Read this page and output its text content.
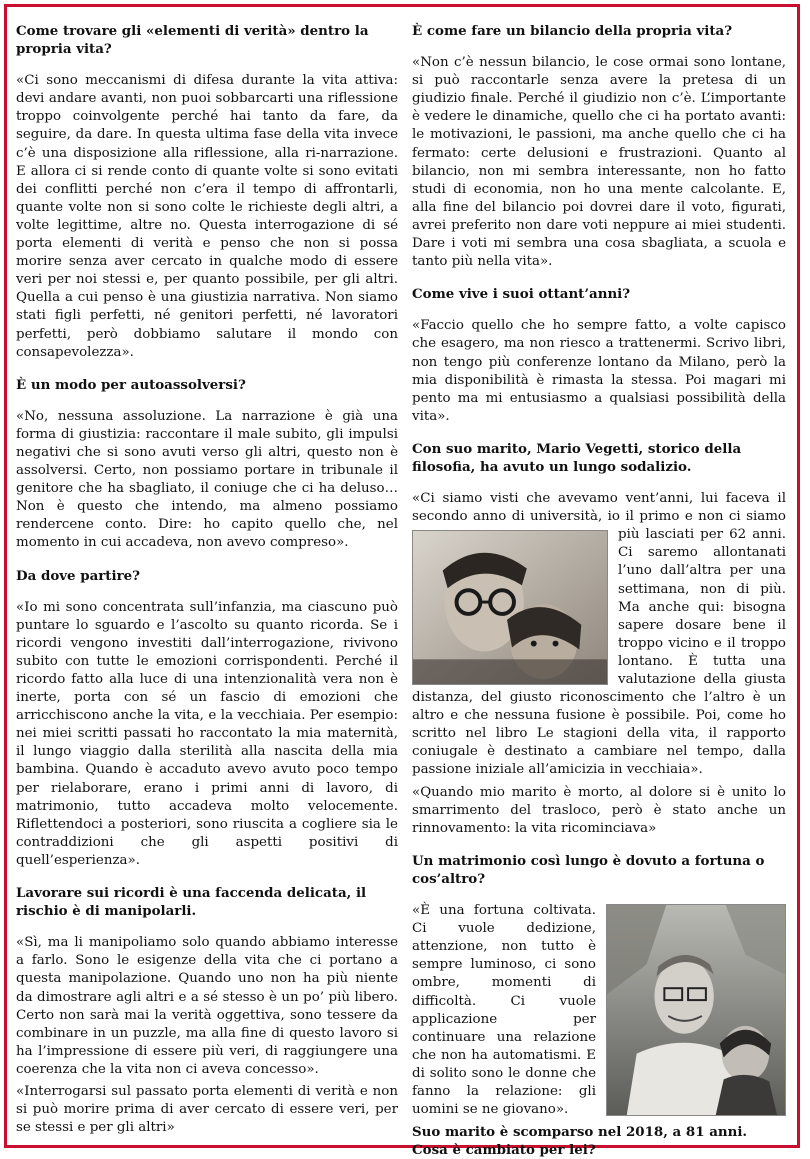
Come trovare gli «elementi di verità» dentro la propria vita?

«Ci sono meccanismi di difesa durante la vita attiva: devi andare avanti, non puoi sobbarcarti una riflessione troppo coinvolgente perché hai tanto da fare, da seguire, da dare. In questa ultima fase della vita invece c’è una disposizione alla riflessione, alla ri-narrazione. E allora ci si rende conto di quante volte si sono evitati dei conflitti perché non c’era il tempo di affrontarli, quante volte non si sono colte le richieste degli altri, a volte legittime, altre no. Questa interrogazione di sé porta elementi di verità e penso che non si possa morire senza aver cercato in qualche modo di essere veri per noi stessi e, per quanto possibile, per gli altri. Quella a cui penso è una giustizia narrativa. Non siamo stati figli perfetti, né genitori perfetti, né lavoratori perfetti, però dobbiamo salutare il mondo con consapevolezza».

È un modo per autoassolversi?

«No, nessuna assoluzione. La narrazione è già una forma di giustizia: raccontare il male subito, gli impulsi negativi che si sono avuti verso gli altri, questo non è assolversi. Certo, non possiamo portare in tribunale il genitore che ha sbagliato, il coniuge che ci ha deluso… Non è questo che intendo, ma almeno possiamo rendercene conto. Dire: ho capito quello che, nel momento in cui accadeva, non avevo compreso».

Da dove partire?

«Io mi sono concentrata sull’infanzia, ma ciascuno può puntare lo sguardo e l’ascolto su quanto ricorda. Se i ricordi vengono investiti dall’interrogazione, rivivono subito con tutte le emozioni corrispondenti. Perché il ricordo fatto alla luce di una intenzionalità vera non è inerte, porta con sé un fascio di emozioni che arricchiscono anche la vita, e la vecchiaia. Per esempio: nei miei scritti passati ho raccontato la mia maternità, il lungo viaggio dalla sterilità alla nascita della mia bambina. Quando è accaduto avevo avuto poco tempo per rielaborare, erano i primi anni di lavoro, di matrimonio, tutto accadeva molto velocemente. Riflettendoci a posteriori, sono riuscita a cogliere sia le contraddizioni che gli aspetti positivi di quell’esperienza».

Lavorare sui ricordi è una faccenda delicata, il rischio è di manipolarli.

«Sì, ma li manipoliamo solo quando abbiamo interesse a farlo. Sono le esigenze della vita che ci portano a questa manipolazione. Quando uno non ha più niente da dimostrare agli altri e a sé stesso è un po’ più libero. Certo non sarà mai la verità oggettiva, sono tessere da combinare in un puzzle, ma alla fine di questo lavoro si ha l’impressione di essere più veri, di raggiungere una coerenza che la vita non ci aveva concesso».

«Interrogarsi sul passato porta elementi di verità e non si può morire prima di aver cercato di essere veri, per se stessi e per gli altri»

È come fare un bilancio della propria vita?

«Non c’è nessun bilancio, le cose ormai sono lontane, si può raccontarle senza avere la pretesa di un giudizio finale. Perché il giudizio non c’è. L’importante è vedere le dinamiche, quello che ci ha portato avanti: le motivazioni, le passioni, ma anche quello che ci ha fermato: certe delusioni e frustrazioni. Quanto al bilancio, non mi sembra interessante, non ho fatto studi di economia, non ho una mente calcolante. E, alla fine del bilancio poi dovrei dare il voto, figurati, avrei preferito non dare voti neppure ai miei studenti. Dare i voti mi sembra una cosa sbagliata, a scuola e tanto più nella vita».

Come vive i suoi ottant’anni?

«Faccio quello che ho sempre fatto, a volte capisco che esagero, ma non riesco a trattenermi. Scrivo libri, non tengo più conferenze lontano da Milano, però la mia disponibilità è rimasta la stessa. Poi magari mi pento ma mi entusiasmo a qualsiasi possibilità della vita».

Con suo marito, Mario Vegetti, storico della filosofia, ha avuto un lungo sodalizio.

«Ci siamo visti che avevamo vent’anni, lui faceva il secondo anno di università, io il primo e non ci siamo
più lasciati per 62 anni. Ci saremo allontanati l’uno dall’altra per una settimana, non di più. Ma anche qui: bisogna sapere dosare bene il troppo vicino e il troppo lontano. È tutta una valutazione della giusta distanza, del giusto riconoscimento che l’altro è un altro e che nessuna fusione è possibile. Poi, come ho scritto nel libro Le stagioni della vita, il rapporto coniugale è destinato a cambiare nel tempo, dalla passione iniziale all’amicizia in vecchiaia».

«Quando mio marito è morto, al dolore si è unito lo smarrimento del trasloco, però è stato anche un rinnovamento: la vita ricominciava»

Un matrimonio così lungo è dovuto a fortuna o cos’altro?

«È una fortuna coltivata. Ci vuole dedizione, attenzione, non tutto è sempre luminoso, ci sono ombre, momenti di difficoltà. Ci vuole applicazione per continuare una relazione che non ha automatismi. E di solito sono le donne che fanno la relazione: gli uomini se ne giovano».

Suo marito è scomparso nel 2018, a 81 anni. Cosa è cambiato per lei?
